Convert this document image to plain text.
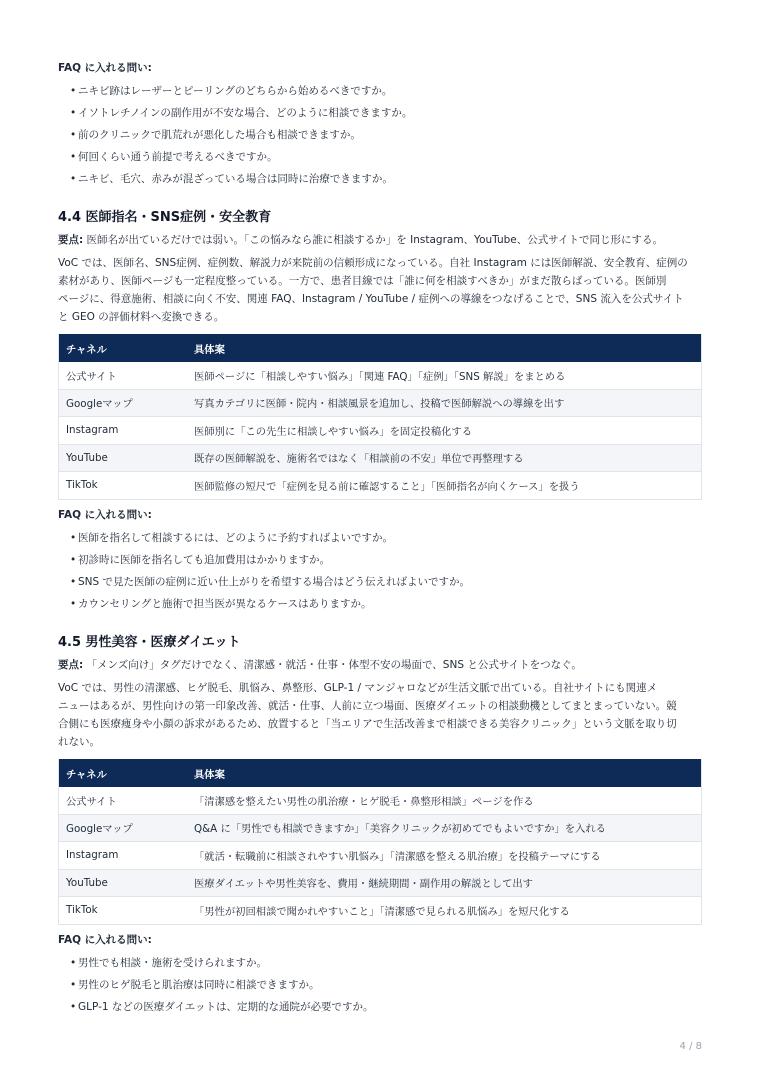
FAQ に入れる問い:

• ニキビ跡はレーザーとピーリングのどちらから始めるべきですか。
• イソトレチノインの副作用が不安な場合、どのように相談できますか。
• 前のクリニックで肌荒れが悪化した場合も相談できますか。
• 何回くらい通う前提で考えるべきですか。
• ニキビ、毛穴、赤みが混ざっている場合は同時に治療できますか。
4.4 医師指名・SNS症例・安全教育
要点: 医師名が出ているだけでは弱い。「この悩みなら誰に相談するか」を Instagram、YouTube、公式サイトで同じ形にする。
VoC では、医師名、SNS症例、症例数、解説力が来院前の信頼形成になっている。自社 Instagram には医師解説、安全教育、症例の
素材があり、医師ページも一定程度整っている。一方で、患者目線では「誰に何を相談すべきか」がまだ散らばっている。医師別
ページに、得意施術、相談に向く不安、関連 FAQ、Instagram / YouTube / 症例への導線をつなげることで、SNS 流入を公式サイト
と GEO の評価材料へ変換できる。
チャネル	具体案
公式サイト	医師ページに「相談しやすい悩み」「関連 FAQ」「症例」「SNS 解説」をまとめる
Googleマップ	写真カテゴリに医師・院内・相談風景を追加し、投稿で医師解説への導線を出す
Instagram	医師別に「この先生に相談しやすい悩み」を固定投稿化する
YouTube	既存の医師解説を、施術名ではなく「相談前の不安」単位で再整理する
TikTok	医師監修の短尺で「症例を見る前に確認すること」「医師指名が向くケース」を扱う

FAQ に入れる問い:

• 医師を指名して相談するには、どのように予約すればよいですか。
• 初診時に医師を指名しても追加費用はかかりますか。
• SNS で見た医師の症例に近い仕上がりを希望する場合はどう伝えればよいですか。
• カウンセリングと施術で担当医が異なるケースはありますか。
4.5 男性美容・医療ダイエット
要点: 「メンズ向け」タグだけでなく、清潔感・就活・仕事・体型不安の場面で、SNS と公式サイトをつなぐ。
VoC では、男性の清潔感、ヒゲ脱毛、肌悩み、鼻整形、GLP-1 / マンジャロなどが生活文脈で出ている。自社サイトにも関連メ
ニューはあるが、男性向けの第一印象改善、就活・仕事、人前に立つ場面、医療ダイエットの相談動機としてまとまっていない。競
合側にも医療痩身や小顔の訴求があるため、放置すると「当エリアで生活改善まで相談できる美容クリニック」という文脈を取り切
れない。
チャネル	具体案
公式サイト	「清潔感を整えたい男性の肌治療・ヒゲ脱毛・鼻整形相談」ページを作る
Googleマップ	Q&A に「男性でも相談できますか」「美容クリニックが初めてでもよいですか」を入れる
Instagram	「就活・転職前に相談されやすい肌悩み」「清潔感を整える肌治療」を投稿テーマにする
YouTube	医療ダイエットや男性美容を、費用・継続期間・副作用の解説として出す
TikTok	「男性が初回相談で聞かれやすいこと」「清潔感で見られる肌悩み」を短尺化する

FAQ に入れる問い:

• 男性でも相談・施術を受けられますか。
• 男性のヒゲ脱毛と肌治療は同時に相談できますか。
• GLP-1 などの医療ダイエットは、定期的な通院が必要ですか。
4 / 8
